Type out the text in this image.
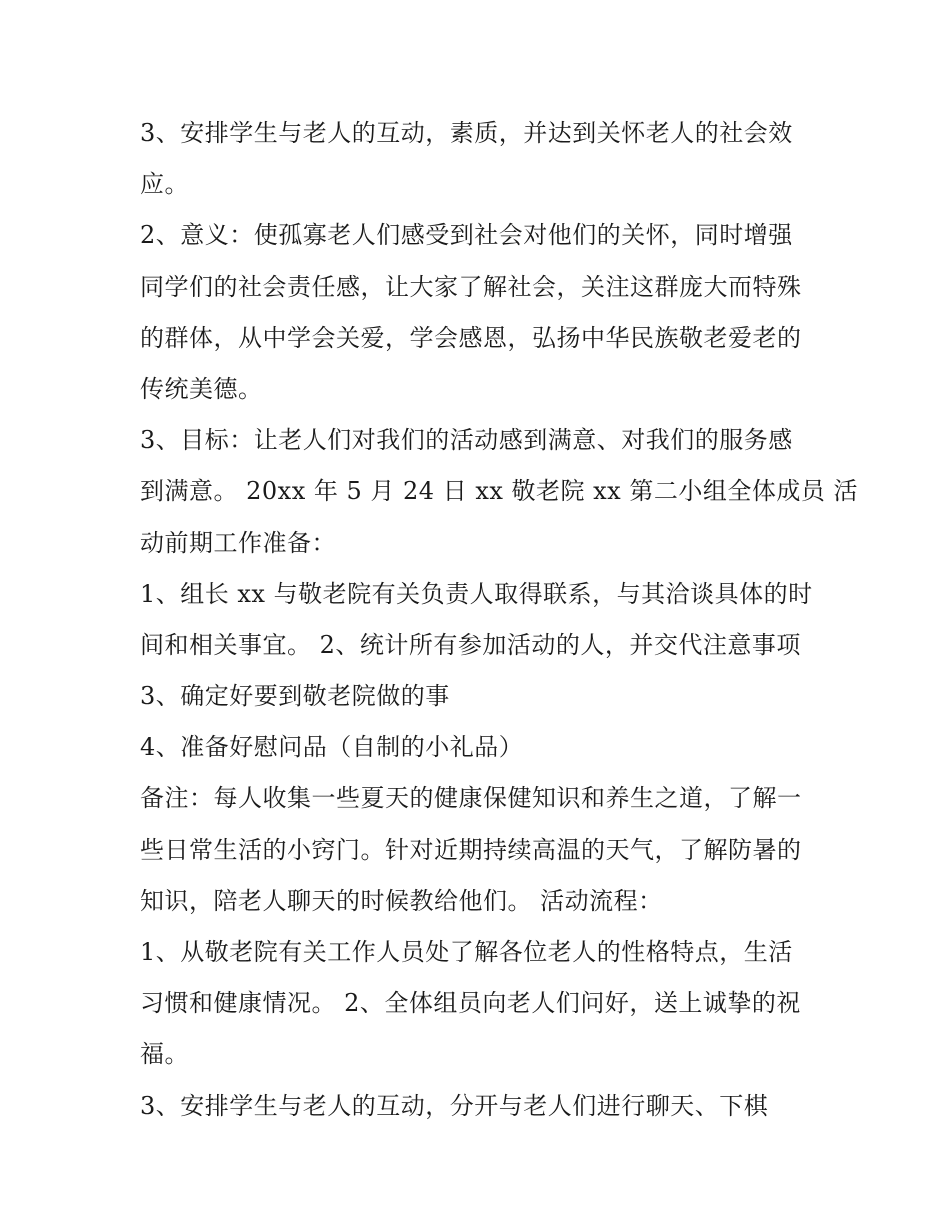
3、安排学生与老人的互动，素质，并达到关怀老人的社会效
应。
2、意义：使孤寡老人们感受到社会对他们的关怀，同时增强
同学们的社会责任感，让大家了解社会，关注这群庞大而特殊
的群体，从中学会关爱，学会感恩，弘扬中华民族敬老爱老的
传统美德。
3、目标：让老人们对我们的活动感到满意、对我们的服务感
到满意。 20xx 年 5 月 24 日 xx 敬老院 xx 第二小组全体成员 活
动前期工作准备：
1、组长 xx 与敬老院有关负责人取得联系，与其洽谈具体的时
间和相关事宜。 2、统计所有参加活动的人，并交代注意事项
3、确定好要到敬老院做的事
4、准备好慰问品（自制的小礼品）
备注：每人收集一些夏天的健康保健知识和养生之道，了解一
些日常生活的小窍门。针对近期持续高温的天气，了解防暑的
知识，陪老人聊天的时候教给他们。 活动流程：
1、从敬老院有关工作人员处了解各位老人的性格特点，生活
习惯和健康情况。 2、全体组员向老人们问好，送上诚挚的祝
福。
3、安排学生与老人的互动，分开与老人们进行聊天、下棋
